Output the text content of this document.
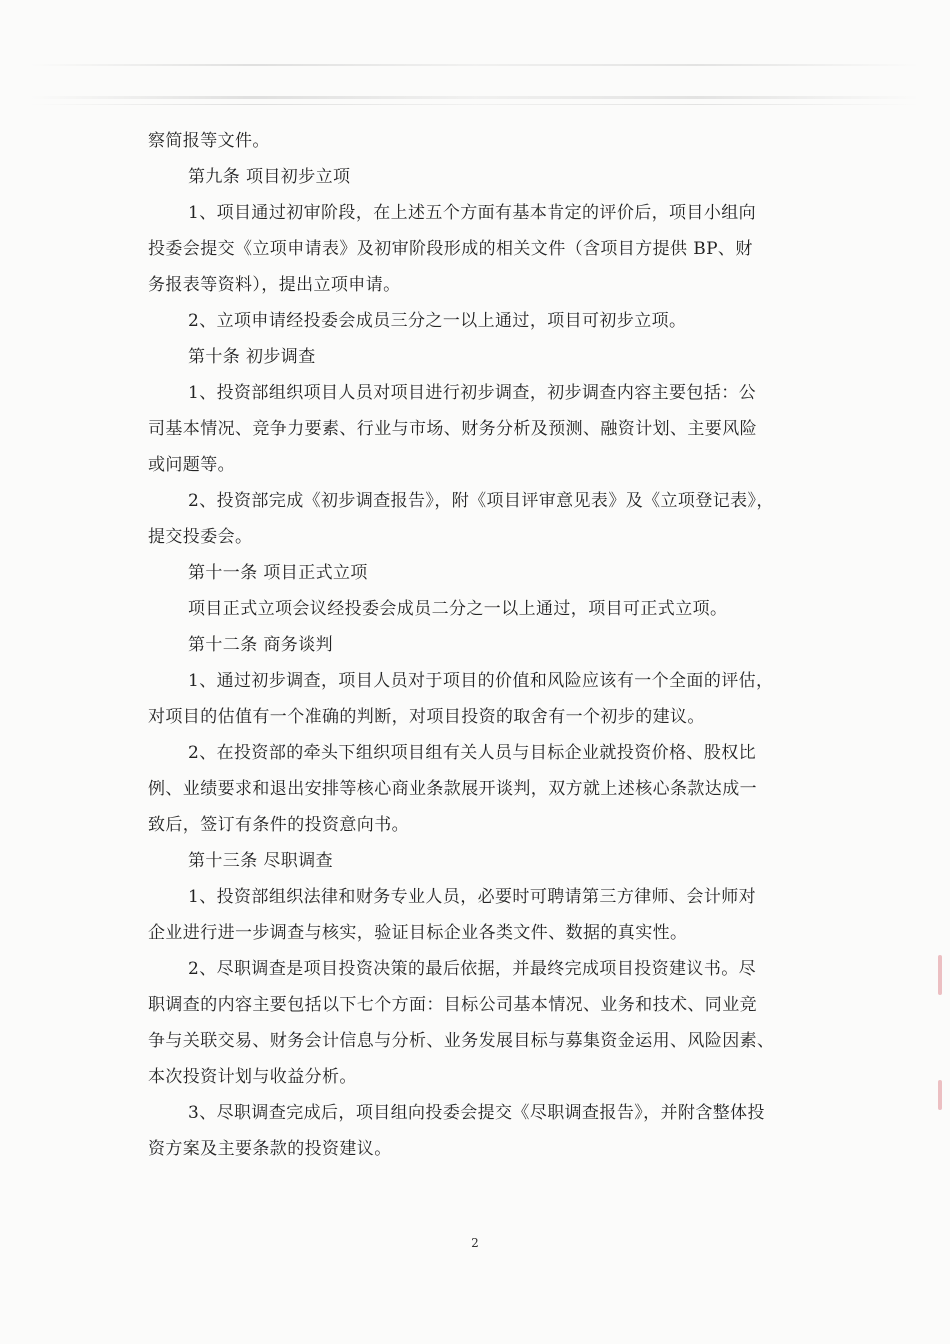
察简报等文件。
第九条 项目初步立项
1、项目通过初审阶段，在上述五个方面有基本肯定的评价后，项目小组向
投委会提交《立项申请表》及初审阶段形成的相关文件（含项目方提供 BP、财
务报表等资料），提出立项申请。
2、立项申请经投委会成员三分之一以上通过，项目可初步立项。
第十条 初步调查
1、投资部组织项目人员对项目进行初步调查，初步调查内容主要包括：公
司基本情况、竞争力要素、行业与市场、财务分析及预测、融资计划、主要风险
或问题等。
2、投资部完成《初步调查报告》，附《项目评审意见表》及《立项登记表》，
提交投委会。
第十一条 项目正式立项
项目正式立项会议经投委会成员二分之一以上通过，项目可正式立项。
第十二条 商务谈判
1、通过初步调查，项目人员对于项目的价值和风险应该有一个全面的评估，
对项目的估值有一个准确的判断，对项目投资的取舍有一个初步的建议。
2、在投资部的牵头下组织项目组有关人员与目标企业就投资价格、股权比
例、业绩要求和退出安排等核心商业条款展开谈判，双方就上述核心条款达成一
致后，签订有条件的投资意向书。
第十三条 尽职调查
1、投资部组织法律和财务专业人员，必要时可聘请第三方律师、会计师对
企业进行进一步调查与核实，验证目标企业各类文件、数据的真实性。
2、尽职调查是项目投资决策的最后依据，并最终完成项目投资建议书。尽
职调查的内容主要包括以下七个方面：目标公司基本情况、业务和技术、同业竞
争与关联交易、财务会计信息与分析、业务发展目标与募集资金运用、风险因素、
本次投资计划与收益分析。
3、尽职调查完成后，项目组向投委会提交《尽职调查报告》，并附含整体投
资方案及主要条款的投资建议。
2
